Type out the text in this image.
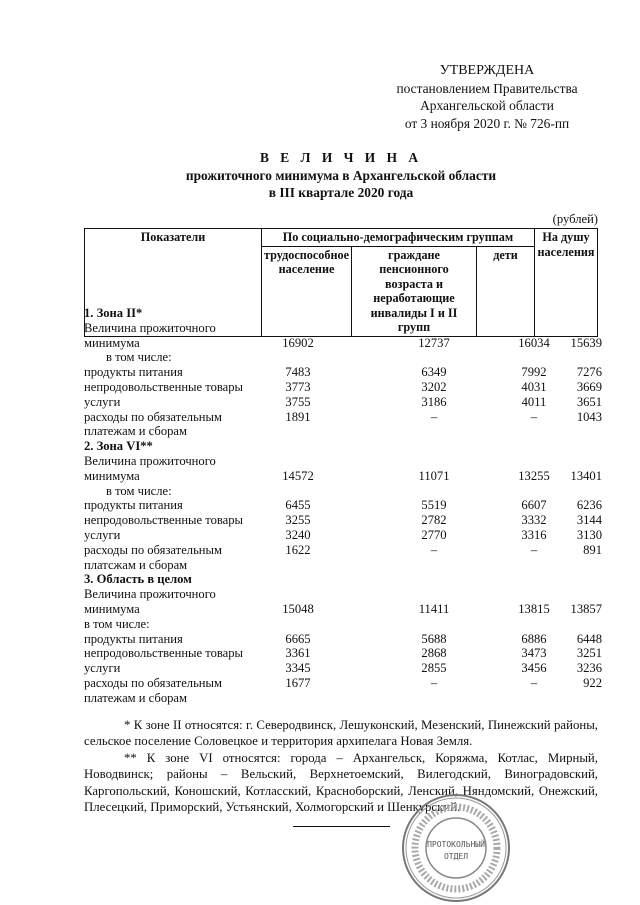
УТВЕРЖДЕНА
постановлением Правительства
Архангельской области
от 3 ноября 2020 г. № 726-пп
В Е Л И Ч И Н А
прожиточного минимума в Архангельской области
в III квартале 2020 года
(рублей)
Показатели	По социально-демографическим группам			На душу населения
	трудоспособное население	граждане пенсионного возраста и неработающие инвалиды I и II групп	дети	
1. Зона II*
Величина прожиточного
минимума	16902	12737	16034	15639
в том числе:
продукты питания	7483	6349	7992	7276
непродовольственные товары	3773	3202	4031	3669
услуги	3755	3186	4011	3651
расходы по обязательным	1891	–	–	1043
платежам и сборам
2. Зона VI**
Величина прожиточного
минимума	14572	11071	13255	13401
в том числе:
продукты питания	6455	5519	6607	6236
непродовольственные товары	3255	2782	3332	3144
услуги	3240	2770	3316	3130
расходы по обязательным	1622	–	–	891
платсжам и сборам
3. Область в целом
Величина прожиточного
минимума	15048	11411	13815	13857
в том числе:
продукты питания	6665	5688	6886	6448
непродовольственные товары	3361	2868	3473	3251
услуги	3345	2855	3456	3236
расходы по обязательным	1677	–	–	922
платежам и сборам

* К зоне II относятся: г. Северодвинск, Лешуконский, Мезенский, Пинежский районы, сельское поселение Соловецкое и территория архипелага Новая Земля.

** К зоне VI относятся: города – Архангельск, Коряжма, Котлас, Мирный, Новодвинск; районы – Вельский, Верхнетоемский, Вилегодский, Виноградовский, Каргопольский, Коношский, Котласский, Красноборский, Ленский, Няндомский, Онежский, Плесецкий, Приморский, Устьянский, Холмогорский и Шенкурский.

ПРОТОКОЛЬНЫЙ
ОТДЕЛ
